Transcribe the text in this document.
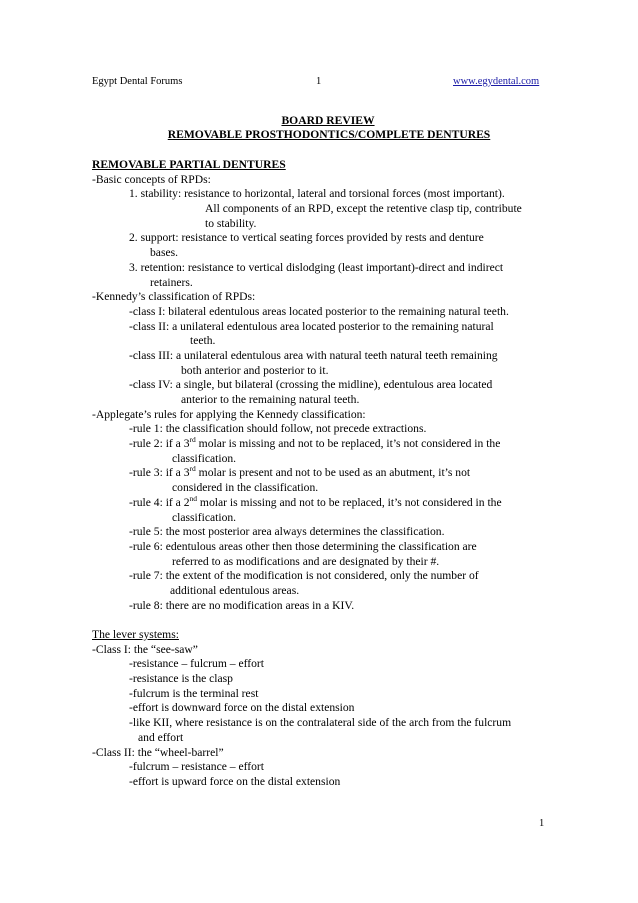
Egypt Dental Forums	1	www.egydental.com
BOARD REVIEW
REMOVABLE PROSTHODONTICS/COMPLETE DENTURES
REMOVABLE PARTIAL DENTURES
-Basic concepts of RPDs:
1. stability: resistance to horizontal, lateral and torsional forces (most important).
All components of an RPD, except the retentive clasp tip, contribute
to stability.
2. support: resistance to vertical seating forces provided by rests and denture
bases.
3. retention: resistance to vertical dislodging (least important)-direct and indirect
retainers.
-Kennedy’s classification of RPDs:
-class I: bilateral edentulous areas located posterior to the remaining natural teeth.
-class II: a unilateral edentulous area located posterior to the remaining natural
teeth.
-class III: a unilateral edentulous area with natural teeth natural teeth remaining
both anterior and posterior to it.
-class IV: a single, but bilateral (crossing the midline), edentulous area located
anterior to the remaining natural teeth.
-Applegate’s rules for applying the Kennedy classification:
-rule 1: the classification should follow, not precede extractions.
-rule 2: if a 3rd molar is missing and not to be replaced, it’s not considered in the
classification.
-rule 3: if a 3rd molar is present and not to be used as an abutment, it’s not
considered in the classification.
-rule 4: if a 2nd molar is missing and not to be replaced, it’s not considered in the
classification.
-rule 5: the most posterior area always determines the classification.
-rule 6: edentulous areas other then those determining the classification are
referred to as modifications and are designated by their #.
-rule 7: the extent of the modification is not considered, only the number of
additional edentulous areas.
-rule 8: there are no modification areas in a KIV.
The lever systems:
-Class I: the “see-saw”
-resistance – fulcrum – effort
-resistance is the clasp
-fulcrum is the terminal rest
-effort is downward force on the distal extension
-like KII, where resistance is on the contralateral side of the arch from the fulcrum
and effort
-Class II: the “wheel-barrel”
-fulcrum – resistance – effort
-effort is upward force on the distal extension
1
